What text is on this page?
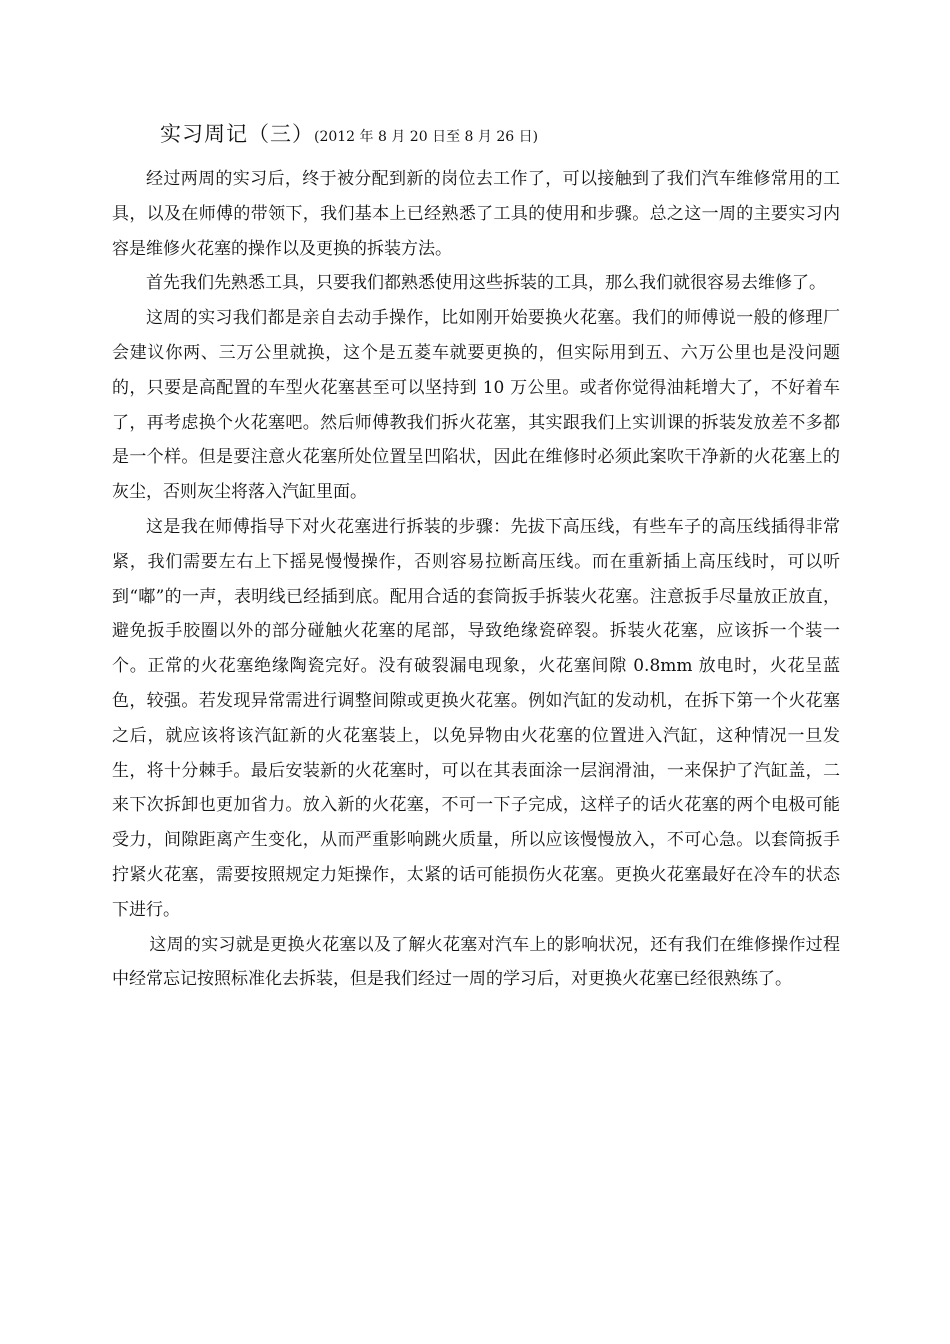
实习周记（三）(2012 年 8 月 20 日至 8 月 26 日)

经过两周的实习后，终于被分配到新的岗位去工作了，可以接触到了我们汽车维修常用的工具，以及在师傅的带领下，我们基本上已经熟悉了工具的使用和步骤。总之这一周的主要实习内容是维修火花塞的操作以及更换的拆装方法。

首先我们先熟悉工具，只要我们都熟悉使用这些拆装的工具，那么我们就很容易去维修了。

这周的实习我们都是亲自去动手操作，比如刚开始要换火花塞。我们的师傅说一般的修理厂会建议你两、三万公里就换，这个是五菱车就要更换的，但实际用到五、六万公里也是没问题的，只要是高配置的车型火花塞甚至可以坚持到 10 万公里。或者你觉得油耗增大了，不好着车了，再考虑换个火花塞吧。然后师傅教我们拆火花塞，其实跟我们上实训课的拆装发放差不多都是一个样。但是要注意火花塞所处位置呈凹陷状，因此在维修时必须此案吹干净新的火花塞上的灰尘，否则灰尘将落入汽缸里面。

这是我在师傅指导下对火花塞进行拆装的步骤：先拔下高压线，有些车子的高压线插得非常紧，我们需要左右上下摇晃慢慢操作，否则容易拉断高压线。而在重新插上高压线时，可以听到“嘟”的一声，表明线已经插到底。配用合适的套筒扳手拆装火花塞。注意扳手尽量放正放直，避免扳手胶圈以外的部分碰触火花塞的尾部，导致绝缘瓷碎裂。拆装火花塞，应该拆一个装一个。正常的火花塞绝缘陶瓷完好。没有破裂漏电现象，火花塞间隙 0.8mm 放电时，火花呈蓝色，较强。若发现异常需进行调整间隙或更换火花塞。例如汽缸的发动机，在拆下第一个火花塞之后，就应该将该汽缸新的火花塞装上，以免异物由火花塞的位置进入汽缸，这种情况一旦发生，将十分棘手。最后安装新的火花塞时，可以在其表面涂一层润滑油，一来保护了汽缸盖，二来下次拆卸也更加省力。放入新的火花塞，不可一下子完成，这样子的话火花塞的两个电极可能受力，间隙距离产生变化，从而严重影响跳火质量，所以应该慢慢放入，不可心急。以套筒扳手拧紧火花塞，需要按照规定力矩操作，太紧的话可能损伤火花塞。更换火花塞最好在冷车的状态下进行。

这周的实习就是更换火花塞以及了解火花塞对汽车上的影响状况，还有我们在维修操作过程中经常忘记按照标准化去拆装，但是我们经过一周的学习后，对更换火花塞已经很熟练了。
